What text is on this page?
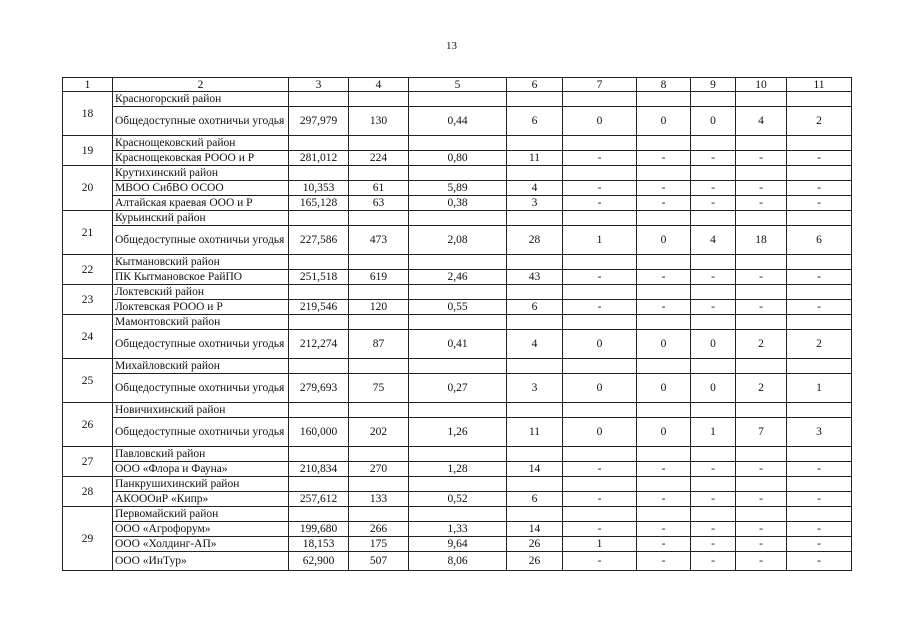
13
1	2	3	4	5	6	7	8	9	10	11
18	Красногорский район									
	Общедоступные охотничьи угодья	297,979	130	0,44	6	0	0	0	4	2
19	Краснощековский район									
	Краснощековская РООО и Р	281,012	224	0,80	11	-	-	-	-	-
20	Крутихинский район									
	МВОО СибВО ОСОО	10,353	61	5,89	4	-	-	-	-	-
	Алтайская краевая ООО и Р	165,128	63	0,38	3	-	-	-	-	-
21	Курьинский район									
	Общедоступные охотничьи угодья	227,586	473	2,08	28	1	0	4	18	6
22	Кытмановский район									
	ПК Кытмановское РайПО	251,518	619	2,46	43	-	-	-	-	-
23	Локтевский район									
	Локтевская РООО и Р	219,546	120	0,55	6	-	-	-	-	-
24	Мамонтовский район									
	Общедоступные охотничьи угодья	212,274	87	0,41	4	0	0	0	2	2
25	Михайловский район									
	Общедоступные охотничьи угодья	279,693	75	0,27	3	0	0	0	2	1
26	Новичихинский район									
	Общедоступные охотничьи угодья	160,000	202	1,26	11	0	0	1	7	3
27	Павловский район									
	ООО «Флора и Фауна»	210,834	270	1,28	14	-	-	-	-	-
28	Панкрушихинский район									
	АКОООиР «Кипр»	257,612	133	0,52	6	-	-	-	-	-
29	Первомайский район									
	ООО «Агрофорум»	199,680	266	1,33	14	-	-	-	-	-
	ООО «Холдинг-АП»	18,153	175	9,64	26	1	-	-	-	-
	ООО «ИнТур»	62,900	507	8,06	26	-	-	-	-	-
